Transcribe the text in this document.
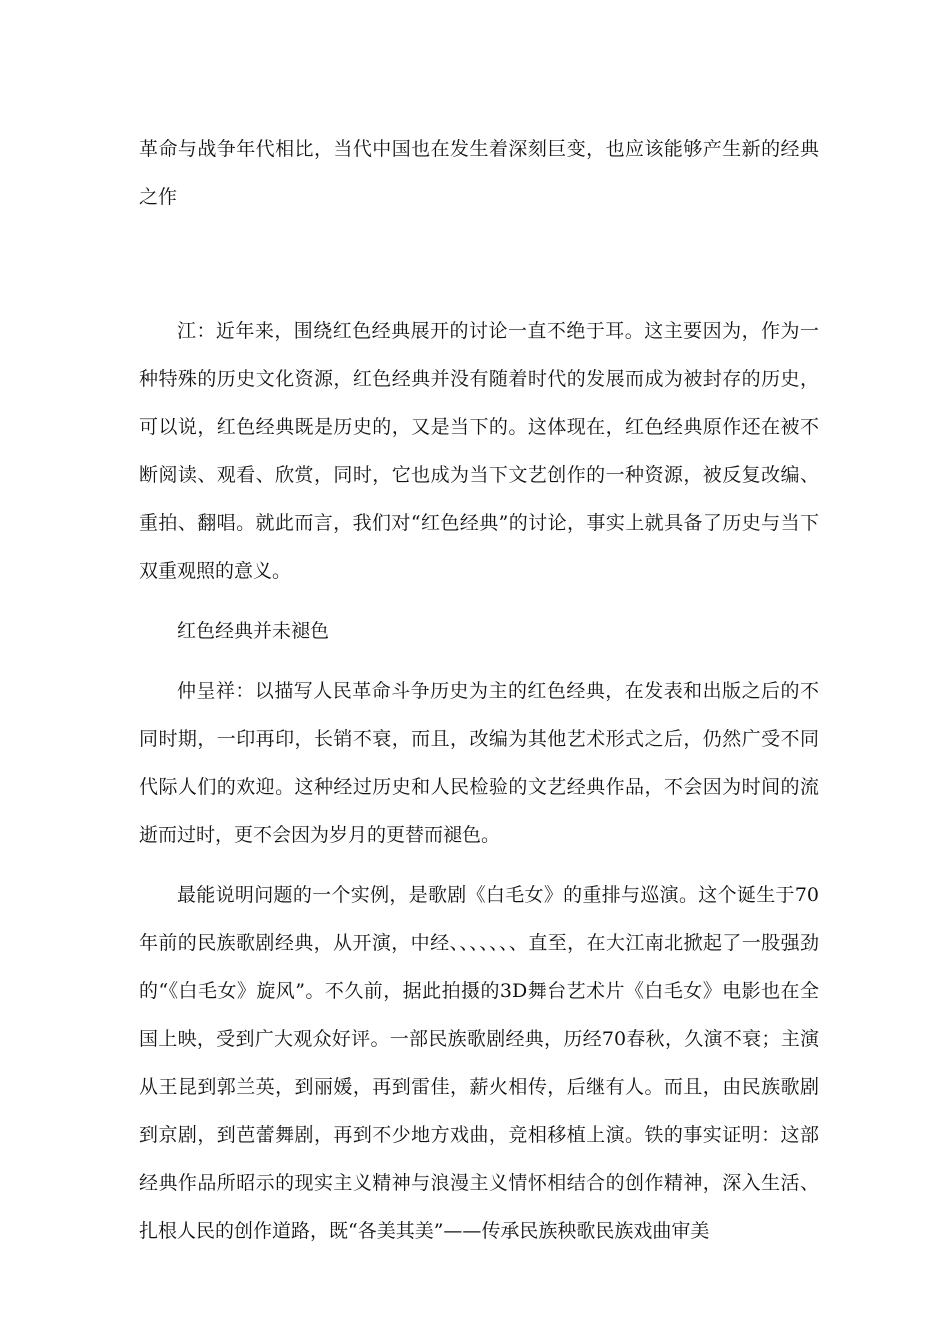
革命与战争年代相比，当代中国也在发生着深刻巨变，也应该能够产生新的经典之作

江：近年来，围绕红色经典展开的讨论一直不绝于耳。这主要因为，作为一种特殊的历史文化资源，红色经典并没有随着时代的发展而成为被封存的历史，可以说，红色经典既是历史的，又是当下的。这体现在，红色经典原作还在被不断阅读、观看、欣赏，同时，它也成为当下文艺创作的一种资源，被反复改编、重拍、翻唱。就此而言，我们对“红色经典”的讨论，事实上就具备了历史与当下双重观照的意义。

红色经典并未褪色

仲呈祥：以描写人民革命斗争历史为主的红色经典，在发表和出版之后的不同时期，一印再印，长销不衰，而且，改编为其他艺术形式之后，仍然广受不同代际人们的欢迎。这种经过历史和人民检验的文艺经典作品，不会因为时间的流逝而过时，更不会因为岁月的更替而褪色。

最能说明问题的一个实例，是歌剧《白毛女》的重排与巡演。这个诞生于70年前的民族歌剧经典，从开演，中经、、、、、、、直至，在大江南北掀起了一股强劲的“《白毛女》旋风”。不久前，据此拍摄的3D舞台艺术片《白毛女》电影也在全国上映，受到广大观众好评。一部民族歌剧经典，历经70春秋，久演不衰；主演从王昆到郭兰英，到丽媛，再到雷佳，薪火相传，后继有人。而且，由民族歌剧到京剧，到芭蕾舞剧，再到不少地方戏曲，竞相移植上演。铁的事实证明：这部经典作品所昭示的现实主义精神与浪漫主义情怀相结合的创作精神，深入生活、扎根人民的创作道路，既“各美其美”——传承民族秧歌民族戏曲审美
